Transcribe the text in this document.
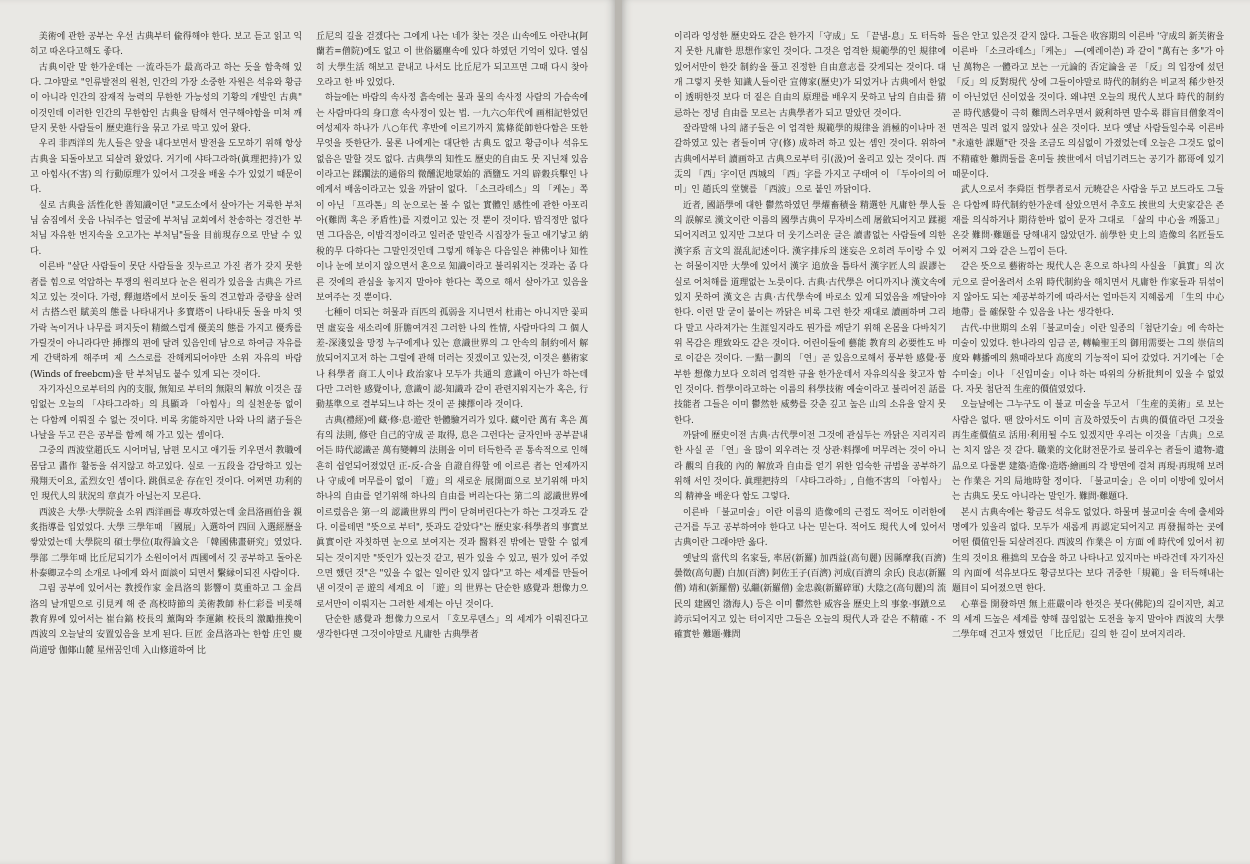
美術에 관한 공부는 우선 古典부터 偸得해야 한다. 보고 듣고 읽고 익히고 따온다고해도 좋다.

古典이란 말 한가운데는 一流라든가 最高라고 하는 듯을 함축해 있다. 그야말로 "인류발전의 원천, 인간의 가장 소중한 자원은 석유와 황금이 아니라 인간의 잠재적 능력의 무한한 가능성의 기황의 개발인 古典" 이것인데 이러한 인간의 무한함인 古典을 탐해서 연구해야함을 미쳐 깨닫지 못한 사람들이 歷史進行을 묶고 가로 막고 있어 왔다.

우리 非西洋의 先人들은 앞을 내다보면서 발전을 도모하기 위해 항상 古典을 되돌아보고 되살려 왔었다. 거기에 샤타그라하(眞理把持)가 있고 아힘사(不害) 의 行動原理가 있어서 그것을 배울 수가 있었기 때문이다.

실로 古典을 活性化한 善知識이던 "교도소에서 살아가는 거룩한 부처님 숨짐에서 웃음 나눠주는 얼굴에 부처님 교회에서 찬송하는 경건한 부처님 자유한 번지속을 오고가는 부처님"들을 目前現存으로 만날 수 있다.

이른바 "살단 사람들이 못단 사람들을 짓누르고 가진 者가 갖지 못한 者를 힘으로 억압하는 투쟁의 원리보다 눈은 원리가 있음을 古典은 가르치고 있는 것이다. 가령, 釋迦塔에서 보이듯 돌의 견고함과 중량을 살려서 古搭스런 賦美의 態를 나타내거나 多寶塔이 나타내듯 돌을 마치 엿가락 녹이거나 나무를 펴지듯이 精緻스럽게 優美의 態를 가지고 優秀를 가릴것이 아니라다만 挿擇의 편에 달려 있음인데 남으로 하여금 자유를 게 간택하게 해주며 제 스스로를 잔해케되어야만 소위 자유의 바람(Winds of freebcm)을 탄 부처님도 붙수 있게 되는 것이다.

자기자신으로부터의 內的支服, 無知로 부터의 無限의 解放 이것은 끊임없는 오늘의 「샤타그라하」의 具顯과 「아힘사」의 실천운동 없이는 다함께 이뤄질 수 없는 것이다. 비록 劣能하지만 나와 나의 諸子들은 나날을 두고 끈은 공부를 함께 해 가고 있는 셈이다.

그중의 西波堂趙氏도 시어머님, 남편 모시고 애기들 키우면서 教職에 몸담고 畵作 활동을 쉬지않고 하고있다. 실로 一五段을 감당하고 있는 飛翔天이요, 孟烈女인 셈이다. 跳俱로운 存在인 것이다. 어쩌면 功利的인 現代人의 狀況의 章貞가 아닐는지 모른다.

西波은 大學·大學院을 소위 西洋画를 專攻하였는데 金昌洛画伯을 親炙指導를 입었었다. 大學 三學年때 「國展」入選하여 四回 入選經歷을 쌓았었는데 大學院의 碩士學位(取得論文은 「韓國佛畫研究」였었다. 學部 二學年때 比丘尼되기가 소원이어서 西國에서 깃 공부하고 돌아온 朴泰卿교수의 소개로 나에게 와서 面談이 되면서 繫縁이되진 사람이다.

그림 공부에 있어서는 教授作家 金昌洛의 影響이 莫重하고 그 金昌洛의 날개밑으로 引見케 해 준 高校時節의 美術教師 朴仁彩를 비롯해 教育界에 있어서는 崔台鎬 校長의 薰陶와 李運鎭 校長의 激勵推挽이 西波의 오늘날의 安置있음을 보게 된다. 巨匠 金昌洛과는 한함 庄인 慶尚道땅 伽倻山麓 星州꿈인데 入山修道하여 比

丘尼의 길을 걷겠다는 그에게 나는 네가 찾는 것은 山속에도 아란냐(阿蘭若=僧院)에도 없고 이 世俗屬塵속에 있다 하였던 기억이 있다. 열심히 大學生活 해보고 끝내고 나서도 比丘尼가 되고프면 그때 다시 찾아오라고 한 바 있었다.

하늘에는 바람의 속사정 흙속에는 물과 물의 속사정 사람의 가슴속에는 사람마다의 身口意 속사정이 있는 법. 一九六○年代에 画相記한었던 여성제자 하나가 八○年代 후반에 이르기까지 篤條從師한다함은 또한 무엇을 뜻한단가. 물론 나에게는 대단한 古典도 없고 황금이나 석유도 없음은 말할 것도 없다. 古典學의 知性도 歷史的自由도 못 지닌채 있음이라고는 蹂躙法的通俗의 微醺泥地眾始的 酒鹽도 거의 辟穀兵擊인 나에게서 배움이라고는 있을 까닭이 없다. 「소크라테스」의 「케논」쪽이 아닌 「프라톤」의 눈으로는 볼 수 없는 實體인 感性에 관한 아포리아(難問 혹은 矛盾性)를 지켰이고 있는 것 뿐이 것이다. 밥걱정만 없다면 그다음은, 이밥걱정이라고 일러준 말인즉 시집장가 들고 애기낳고 納稅的무 다하다는 그말인것인데 그렇게 해놓은 다음일은 神佛이나 知性이나 눈에 보이지 않으면서 혼으로 知識이라고 불리워지는 것과는 좀 다른 것에의 관심을 놓지지 말아야 한다는 쪽으로 해서 살아가고 있음을 보여주는 것 뿐이다.

七種이 더되는 허물과 百匹의 孤弱을 지니면서 杜甫는 아니지만 꽃피면 虛妄을 새소리에 肝膽여겨진 그러한 나의 性情, 사람마다의 그 個人差-深淺있을 망정 누구에게나 있는 意識世界의 그 안속의 制約에서 解放되어지고저 하는 그럴에 관해 더러는 짓겠이고 있는것, 이것은 藝術家나 科學者 商工人이나 政治家나 모두가 共通의 意識이 아닌가 하는데 다만 그러한 感覺이나, 意識이 認-知識과 같이 관련지워지는가 혹은, 行動基準으로 결부되느냐 하는 것이 곧 揀擇이라 것이다.

古典(禮經)에 藏·修·息·遊란 한體驗거리가 있다. 藏이란 萬有 혹은 萬有의 法則, 修란 自己的守成 곧 取得, 息은 그런다는 글자인바 공부끝내어든 時代認識곧 萬有變轉의 法則을 이미 터득한즉 곧 통속적으로 인해 흔히 쉽얻되어졌었던 正-反-合을 自證自得할 에 이르른 者는 언제까지나 守成에 머무를이 없이 「遊」의 새로운 展開面으로 보기위해 마치 하나의 自由를 얻기위해 하나의 自由를 버리는다는 第二의 認識世界에 이르렀음은 第一의 認識世界의 門이 닫혀버린다는가 하는 그것과도 같다. 이를테면 "뜻으로 부터", 뜻과도 같았다"는 歷史家·科學者의 事實보 眞實이란 자칫하면 눈으로 보여지는 것과 醫料진 밖에는 말할 수 없게 되는 것이지만 "뜻인가 있는것 같고, 뭔가 있을 수 있고, 뭔가 있어 주었으면 했던 것"은 "있을 수 없는 일이란 있지 않다"고 하는 세계를 만들어낸 이것이 곧 遊의 세계요 이 「遊」의 世界는 단순한 感覺과 想像力으로서만이 이뤄지는 그러한 세계는 아닌 것이다.

단순한 感覺과 想像力으로서 「호모루덴스」의 세계가 이뤄진다고 생각한다면 그것이야말로 凡庸한 古典學者

이리라 엉성한 歷史와도 같은 한가지「守成」도 「끝냄-息」도 터득하지 못한 凡庸한 思想作家인 것이다. 그것은 엄격한 規範學的인 規律에 있어서만이 한갓 制約을 풀고 진정한 自由意志를 갖게되는 것이다. 대개 그렇지 못한 知識人들이란 宣傳家(歷史)가 되었거나 古典에서 한없이 透明한것 보다 더 짙은 自由의 原理를 배우지 못하고 남의 自由를 猜忌하는 정녕 自由를 모르는 古典學者가 되고 말았던 것이다.

잘라말해 나의 諸子들은 이 엄격한 規範學的規律을 消極的이나마 전갈하였고 있는 者들이며 守(修) 成하려 하고 있는 셈인 것이다. 위하여 古典에서부터 讀画하고 古典으로부터 引(汲)어 올리고 있는 것이다. 西㶣의 「西」字이던 西城의 「西」字를 가지고 구태여 이 「두아이의 어미」인 趙氏의 堂號를 「西波」으로 붙인 까닭이다.

近者, 國語學에 대한 鬱然하였던 學燿畜積을 精選한 凡庸한 學人들의 誤解로 漢文이란 이름의 國學古典이 무자비스레 屠斂되어지고 蹂褪되어지려고 있지만 그보다 더 웃기스러운 글은 讀書없는 사람들에 의한 漢字系 言文의 混乱記述이다. 漢字排斥의 迷妄은 오히려 두이랑 수 있는 허물이지만 大學에 있어서 漢字 追放을 틈타서 漢字匠人의 誤謬는 실로 어처해를 道理없는 노릇이다. 古典·古代學은 어디까지나 漢文속에 있지 못하여 漢文은 古典·古代學속에 바로소 있게 되었음을 깨달아야 한다. 이런 말 굳이 붙이는 까닭은 비록 그런 한갓 재대로 讀画하며 그리다 말고 사라져가는 生涯일지라도 뭔가를 깨닫기 위해 온몸을 다바치기 위 목감은 理致와도 같은 것이다. 어린이들에 藝能 教育의 必要性도 바로 이같은 것이다. 一點一劃의 「연」곧 있음으로해서 풍부한 感覺·풍부한 想像力보다 오히려 엄격한 규율 한가운데서 자유의식을 찾고자 함인 것이다. 哲學이라고하는 이름의 科學技術 예술이라고 불리어진 話를 技能者 그들은 이미 鬱然한 威勢를 갖춘 깊고 높은 山의 소유을 알지 못한다.

까닭에 歷史이전 古典·古代學이전 그것에 관심두는 까닭은 지리지리한 사실 곧 「연」을 많이 외우려는 것 상관·料擇에 머무려는 것이 아니라 觀의 自我的 內的 解放과 自由를 얻기 위한 엄숙한 규범을 공부하기위해 서인 것이다. 眞理把持의 「샤타그라하」, 自他不害의 「아힘사」의 精神을 배운다 함도 그렇다.

이른바 「불교미술」이란 이름의 造像에의 근접도 적어도 이러한에 근거를 두고 공부하여야 한다고 나는 믿는다. 적어도 現代人에 있어서 古典이란 그래야만 옳다.

옛날의 當代의 名家들, 率居(新羅) 加西益(高句麗) 因縣摩我(百濟) 曇徵(高句麗) 白加(百濟) 阿佐王子(百濟) 河成(百濟의 余氏) 良志(新羅僧) 靖和(新羅僧) 弘繼(新羅僧) 金忠義(新羅碎軍) 大陰之(高句麗)의 流民의 建國인 渤海人) 등은 이미 鬱然한 威容을 歷史上의 事象·事蹟으로 誇示되어지고 있는 터이지만 그들은 오늘의 現代人과 같은 不精確 - 不確實한 難題·難問

들은 안고 있은것 같지 않다. 그들은 收容期의 이른바 '守成의 新芙術을 이른바 「소크라테스」「케논」 —(예레이쓴) 과 같이 "萬有는 多"가 아닌 萬物은 一體라고 보는 一元論的 否定論을 곧 「反」의 입장에 섰던 「反」의 反對現代 상에 그들이야말로 時代的制約은 비교적 稀少한것이 아닌었던 신이었을 것이다. 왜냐면 오늘의 現代人보다 時代的制約 곧 時代感覺이 극히 難問스러우면서 鋭利하면 말수록 群盲目僧象격이면적은 밀려 없지 않았나 싶은 것이다. 보다 옛날 사람들일수록 이른바 "永遠한 課題"란 것을 조금도 의심없이 가졌었는데 오늘은 그것도 없이 不精確한 難問들를 혼미들 挨世에서 더넘기려드는 공기가 都哥에 있기 때문이다.

武人으로서 李舜臣 哲學者로서 元曉같은 사람을 두고 보드라도 그들은 다함께 時代制約한가운데 살았으면서 추호도 挨世의 大史家같은 존재를 의식하거나 期待한바 없이 문자 그대로 「삶의 中心을 깨뚫고」 온갖 難問·難題를 당해내지 않았던가. 前學한 史上의 造像의 名匠들도 어쩌지 그와 같은 느낌이 든다.

같은 뜻으로 藝術하는 現代人은 혼으로 하나의 사실을 「眞實」의 次元으로 끌어올려서 소위 時代制約을 해치면서 凡庸한 作家들과 뒤섞이지 않아도 되는 제공부하기에 따라서는 얼마든지 지혜롭게 「生의 中心地帶」를 確保할 수 있음을 나는 생각한다.

古代-中世期의 소위「불교미술」이란 일종의「첨단기술」에 속하는 미술이 있었다. 한나라의 임금 곧, 轉輪聖王의 御用需要는 그의 崇信의 度와 轉播예의 熱때라보다 高度의 기능적이 되어 갔었다. 거기에는「순수미술」이나 「신입미술」이나 하는 따위의 分析批判이 있을 수 없었다. 자못 첨단적 生産的價值였었다.

오늘날에는 그누구도 이 불교 미술을 두고서 「生産的美術」로 보는 사람은 없다. 땐 앉아서도 이미 言及하였듯이 古典的價值라던 그것을 再生產價值로 活用·利用될 수도 있겠지만 우리는 이것을「古典」으로는 치지 않은 것 같다. 職業的文化財전문가로 불리우는 者들이 遺物-遺品으로 다룰뿐 建築·造像·造塔·繪画의 각 방면에 걸쳐 再現·再現해 보려는 作業은 거의 局地時할 정이다. 「불교미술」은 이미 이방에 있어서는 古典도 못도 아니라는 말인가. 難問·難題다.

본시 古典속에는 황금도 석유도 없었다. 하물며 불교미술 속에 출세와 명예가 있을리 없다. 모두가 새롭게 再認定되어지고 再發掘하는 곳에 어떤 價值인들 되살려진다. 西波의 作業은 이 方面 에 時代에 있어서 初生의 것이요 稚拙의 모습을 하고 나타나고 있지마는 바라건데 자기자신의 內面에 석유보다도 황금보다는 보다 귀중한「規範」을 터득해내는 題目이 되어졌으면 한다.

心華를 開發하면 無上莊嚴이라 한것은 붓다(佛陀)의 길이지만, 최고의 세계 드높은 세계를 향해 끊임없는 도전을 놓지 말아야 西波의 大學二學年때 건고자 했었던 「比丘尼」길의 한 길이 보여지리라.
